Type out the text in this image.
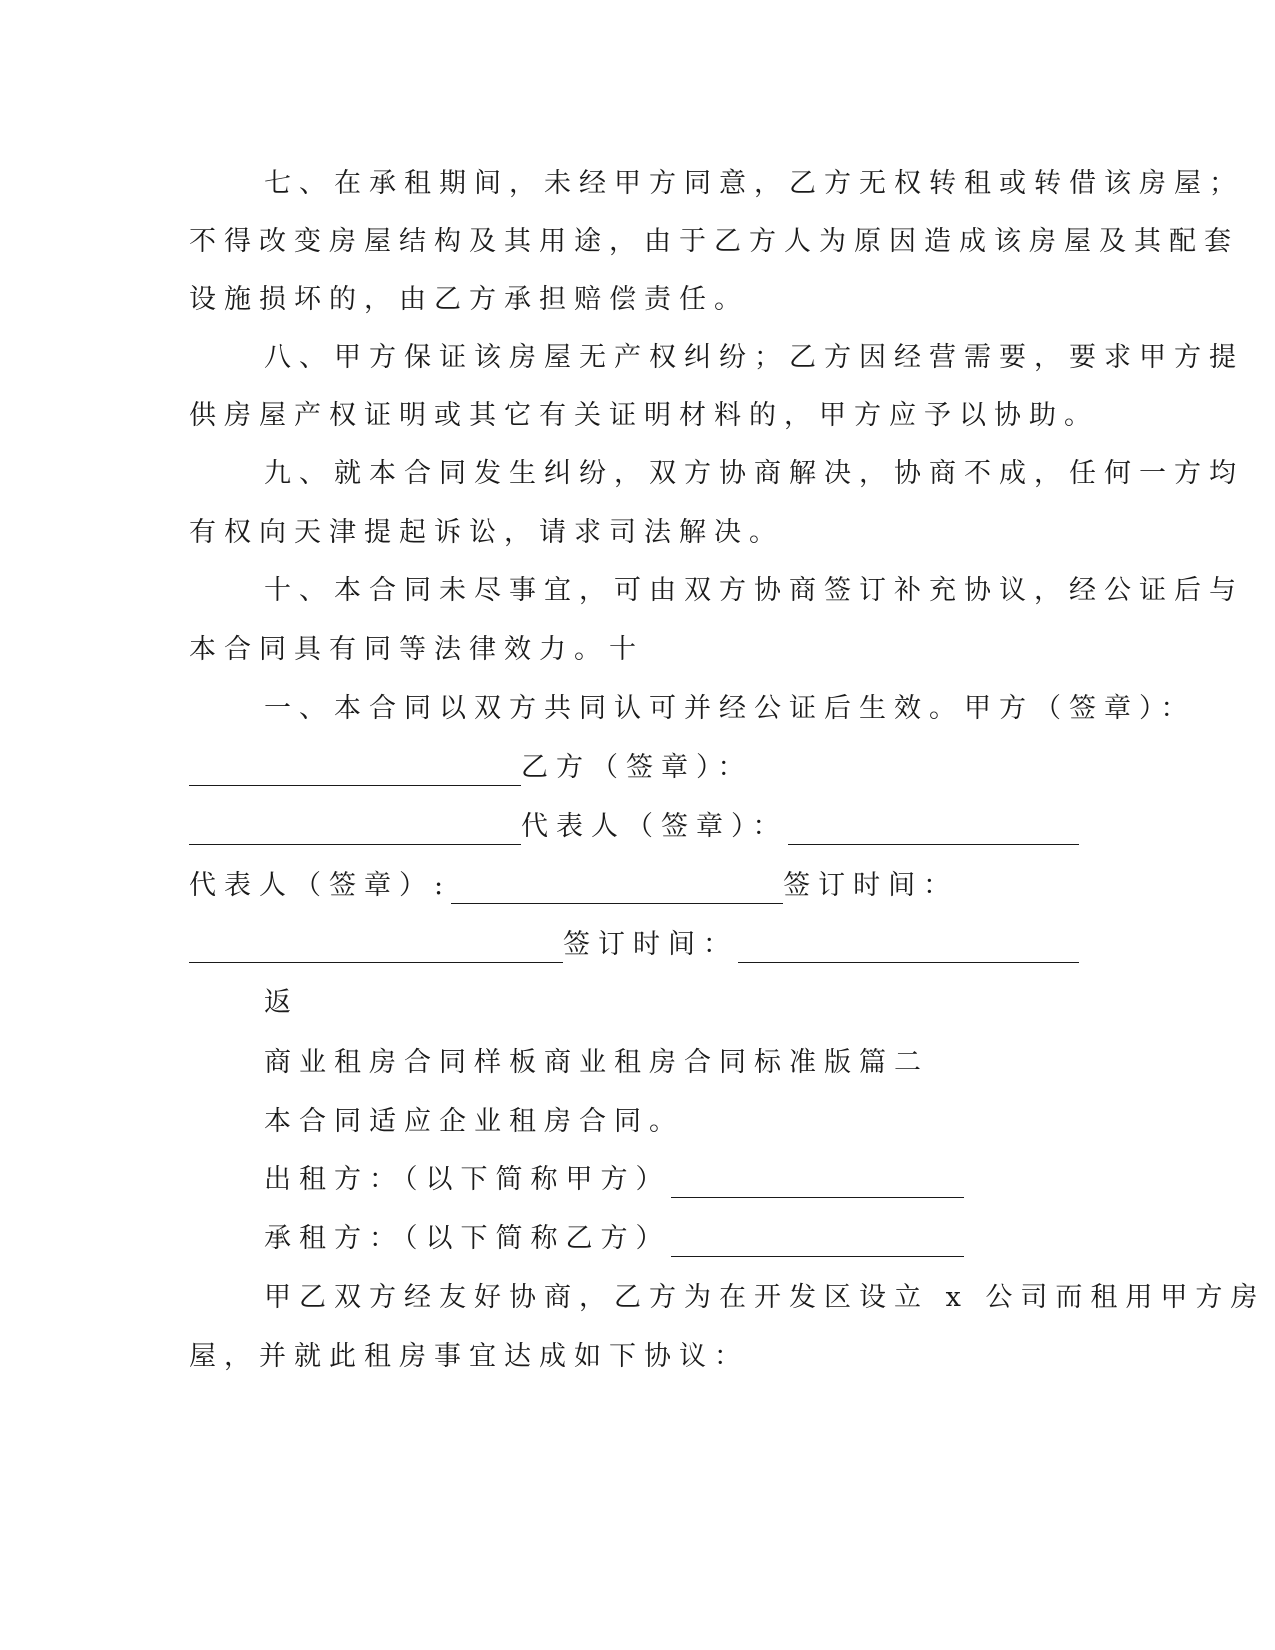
七、在承租期间，未经甲方同意，乙方无权转租或转借该房屋；
不得改变房屋结构及其用途，由于乙方人为原因造成该房屋及其配套
设施损坏的，由乙方承担赔偿责任。
八、甲方保证该房屋无产权纠纷；乙方因经营需要，要求甲方提
供房屋产权证明或其它有关证明材料的，甲方应予以协助。
九、就本合同发生纠纷，双方协商解决，协商不成，任何一方均
有权向天津提起诉讼，请求司法解决。
十、本合同未尽事宜，可由双方协商签订补充协议，经公证后与
本合同具有同等法律效力。十
一、本合同以双方共同认可并经公证后生效。甲方（签章）：
乙方（签章）：
代表人（签章）：
代表人（签章）:	签订时间：
签订时间：
返
商业租房合同样板商业租房合同标准版篇二
本合同适应企业租房合同。
出租方：（以下简称甲方）
承租方：（以下简称乙方）
甲乙双方经友好协商，乙方为在开发区设立 x 公司而租用甲方房
屋，并就此租房事宜达成如下协议：
